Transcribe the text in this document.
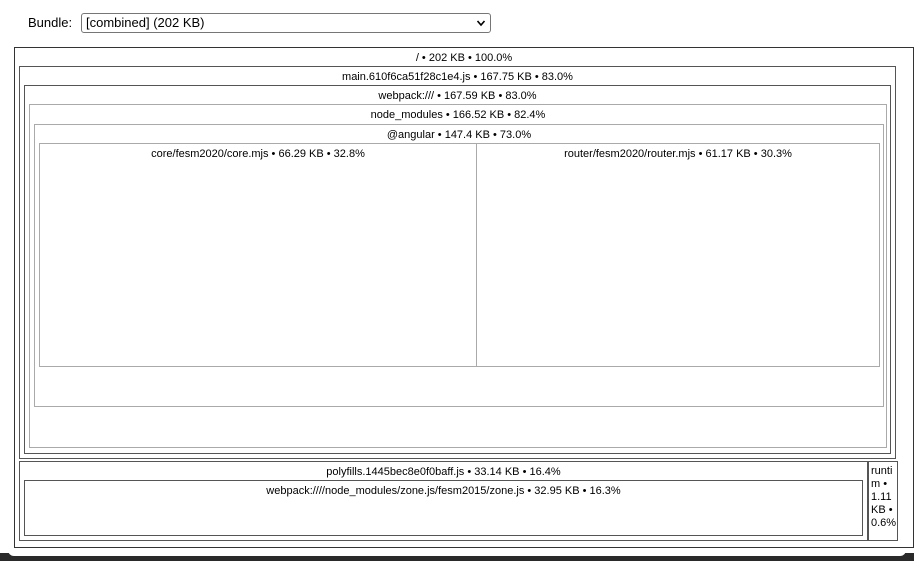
Bundle:	[combined] (202 KB)
/ • 202 KB • 100.0%
main.610f6ca51f28c1e4.js • 167.75 KB • 83.0%
webpack:/// • 167.59 KB • 83.0%
node_modules • 166.52 KB • 82.4%
@angular • 147.4 KB • 73.0%
core/fesm2020/core.mjs • 66.29 KB • 32.8%	router/fesm2020/router.mjs • 61.17 KB • 30.3%
polyfills.1445bec8e0f0baff.js • 33.14 KB • 16.4%
webpack:////node_modules/zone.js/fesm2015/zone.js • 32.95 KB • 16.3%
runtim • 1.11 KB • 0.6%
